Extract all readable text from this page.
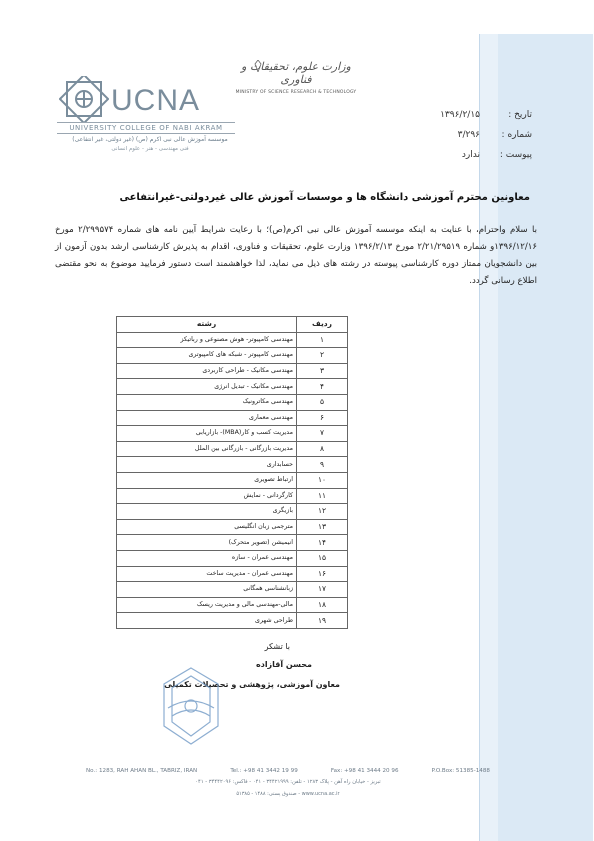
وزارت علوم، تحقیقات و فناوری
MINISTRY OF SCIENCE RESEARCH & TECHNOLOGY
UCNA
UNIVERSITY COLLEGE OF NABI AKRAM
موسسه آموزش عالی نبی اکرم (ص) (غیر دولتی، غیر انتفاعی)
فنی مهندسی - هنر - علوم انسانی
تاریخ :
۱۳۹۶/۲/۱۵
شماره :
۳/۲۹۶
پیوست :
ندارد
معاونین محترم آموزشی دانشگاه ها و موسسات آموزش عالی غیردولتی-غیرانتفاعی
با سلام واحترام، با عنایت به اینکه موسسه آموزش عالی نبی اکرم(ص)؛ با رعایت شرایط آیین نامه های شماره ۲/۲۹۹۵۷۴ مورخ ۱۳۹۶/۱۲/۱۶و شماره ۲/۲۱/۲۹۵۱۹ مورخ ۱۳۹۶/۲/۱۳ وزارت علوم، تحقیقات و فناوری، اقدام به پذیرش کارشناسی ارشد بدون آزمون از بین دانشجویان ممتاز دوره کارشناسی پیوسته در رشته های ذیل می نماید، لذا خواهشمند است دستور فرمایید موضوع به نحو مقتضی اطلاع رسانی گردد.
ردیف	رشته
۱	مهندسی کامپیوتر- هوش مصنوعی و رباتیکز
۲	مهندسی کامپیوتر - شبکه های کامپیوتری
۳	مهندسی مکانیک - طراحی کاربردی
۴	مهندسی مکانیک - تبدیل انرژی
۵	مهندسی مکاترونیک
۶	مهندسی معماری
۷	مدیریت کسب و کار(MBA)- بازاریابی
۸	مدیریت بازرگانی - بازرگانی بین الملل
۹	حسابداری
۱۰	ارتباط تصویری
۱۱	کارگردانی - نمایش
۱۲	بازیگری
۱۳	مترجمی زبان انگلیسی
۱۴	انیمیشن (تصویر متحرک)
۱۵	مهندسی عمران - سازه
۱۶	مهندسی عمران - مدیریت ساخت
۱۷	زبانشناسی همگانی
۱۸	مالی-مهندسی مالی و مدیریت ریسک
۱۹	طراحی شهری
با تشکر
محسن آقازاده
معاون آموزشی، پژوهشی و تحصیلات تکمیلی
No.: 1283, RAH AHAN BL., TABRIZ, IRAN	Tel.: +98 41 3442 19 99	Fax: +98 41 3444 20 96	P.O.Box: 51385-1488
تبریز - خیابان راه آهن - پلاک ۱۲۸۳ - تلفن: ۳۴۴۲۱۹۹۹ - ۰۴۱ - فاکس: ۳۴۴۴۲۰۹۶ - ۰۴۱
www.ucna.ac.ir - صندوق پستی: ۱۴۸۸ - ۵۱۳۸۵
